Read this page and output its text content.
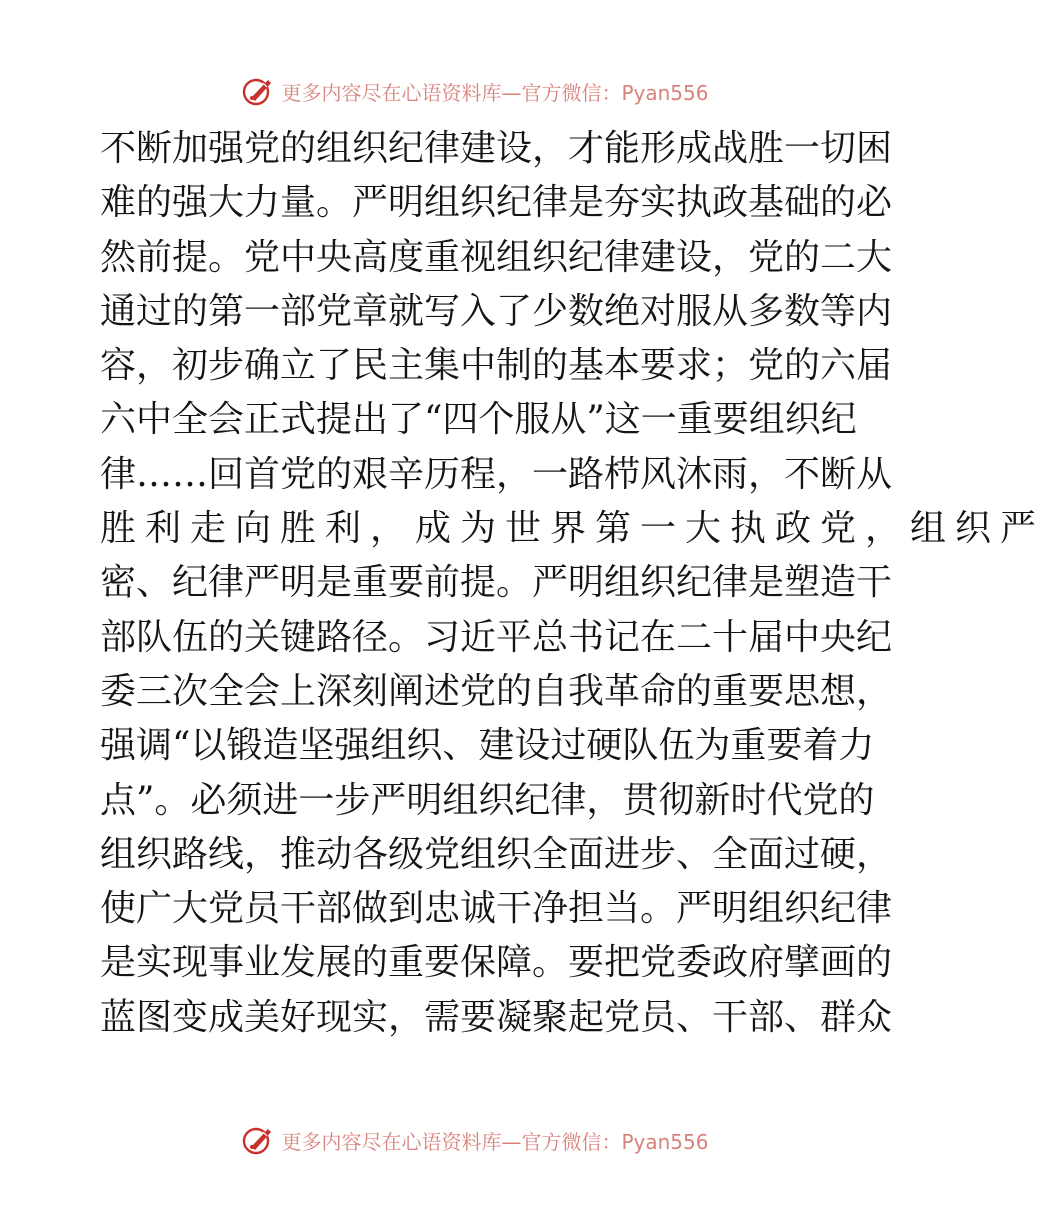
更多内容尽在心语资料库—官方微信：Pyan556
不断加强党的组织纪律建设，才能形成战胜一切困
难的强大力量。严明组织纪律是夯实执政基础的必
然前提。党中央高度重视组织纪律建设，党的二大
通过的第一部党章就写入了少数绝对服从多数等内
容，初步确立了民主集中制的基本要求；党的六届
六中全会正式提出了“四个服从”这一重要组织纪
律……回首党的艰辛历程，一路栉风沐雨，不断从
胜利走向胜利，成为世界第一大执政党，组织严
密、纪律严明是重要前提。严明组织纪律是塑造干
部队伍的关键路径。习近平总书记在二十届中央纪
委三次全会上深刻阐述党的自我革命的重要思想，
强调“以锻造坚强组织、建设过硬队伍为重要着力
点”。必须进一步严明组织纪律，贯彻新时代党的
组织路线，推动各级党组织全面进步、全面过硬，
使广大党员干部做到忠诚干净担当。严明组织纪律
是实现事业发展的重要保障。要把党委政府擘画的
蓝图变成美好现实，需要凝聚起党员、干部、群众
更多内容尽在心语资料库—官方微信：Pyan556
